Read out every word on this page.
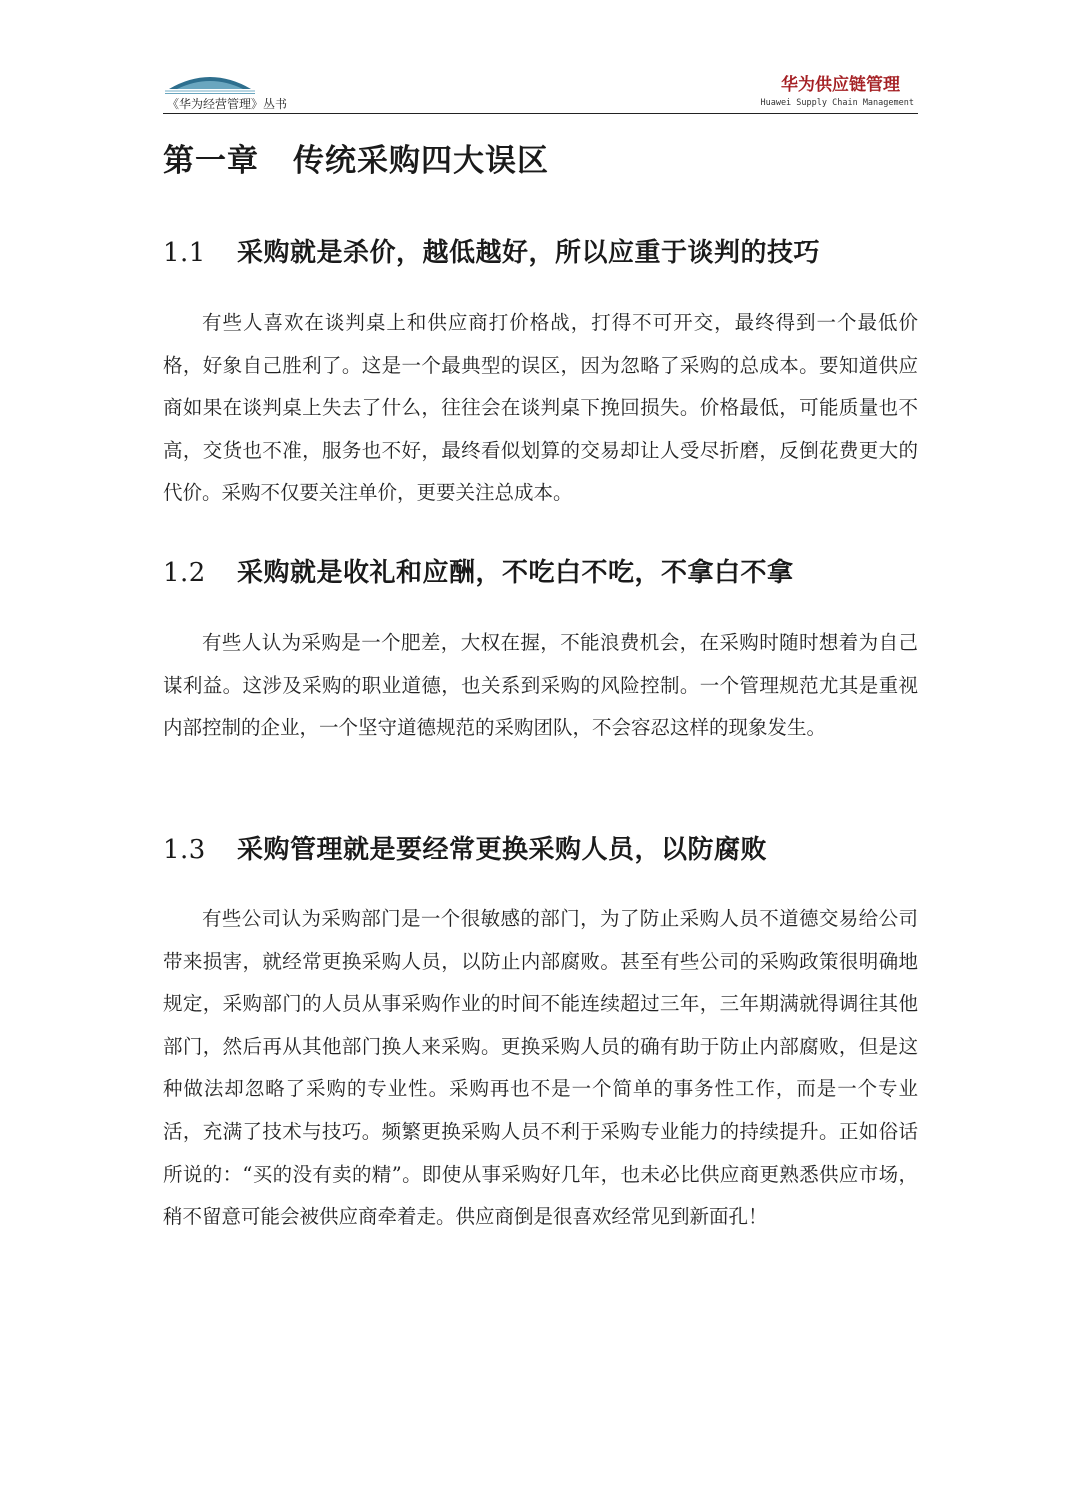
《华为经营管理》丛书
华为供应链管理
Huawei Supply Chain Management
第一章 传统采购四大误区
1.1 采购就是杀价，越低越好，所以应重于谈判的技巧

有些人喜欢在谈判桌上和供应商打价格战，打得不可开交，最终得到一个最低价格，好象自己胜利了。这是一个最典型的误区，因为忽略了采购的总成本。要知道供应商如果在谈判桌上失去了什么，往往会在谈判桌下挽回损失。价格最低，可能质量也不高，交货也不准，服务也不好，最终看似划算的交易却让人受尽折磨，反倒花费更大的代价。采购不仅要关注单价，更要关注总成本。

1.2 采购就是收礼和应酬，不吃白不吃，不拿白不拿

有些人认为采购是一个肥差，大权在握，不能浪费机会，在采购时随时想着为自己谋利益。这涉及采购的职业道德，也关系到采购的风险控制。一个管理规范尤其是重视内部控制的企业，一个坚守道德规范的采购团队，不会容忍这样的现象发生。

1.3 采购管理就是要经常更换采购人员，以防腐败

有些公司认为采购部门是一个很敏感的部门，为了防止采购人员不道德交易给公司带来损害，就经常更换采购人员，以防止内部腐败。甚至有些公司的采购政策很明确地规定，采购部门的人员从事采购作业的时间不能连续超过三年，三年期满就得调往其他部门，然后再从其他部门换人来采购。更换采购人员的确有助于防止内部腐败，但是这种做法却忽略了采购的专业性。采购再也不是一个简单的事务性工作，而是一个专业活，充满了技术与技巧。频繁更换采购人员不利于采购专业能力的持续提升。正如俗话所说的：“买的没有卖的精”。即使从事采购好几年，也未必比供应商更熟悉供应市场，稍不留意可能会被供应商牵着走。供应商倒是很喜欢经常见到新面孔！
